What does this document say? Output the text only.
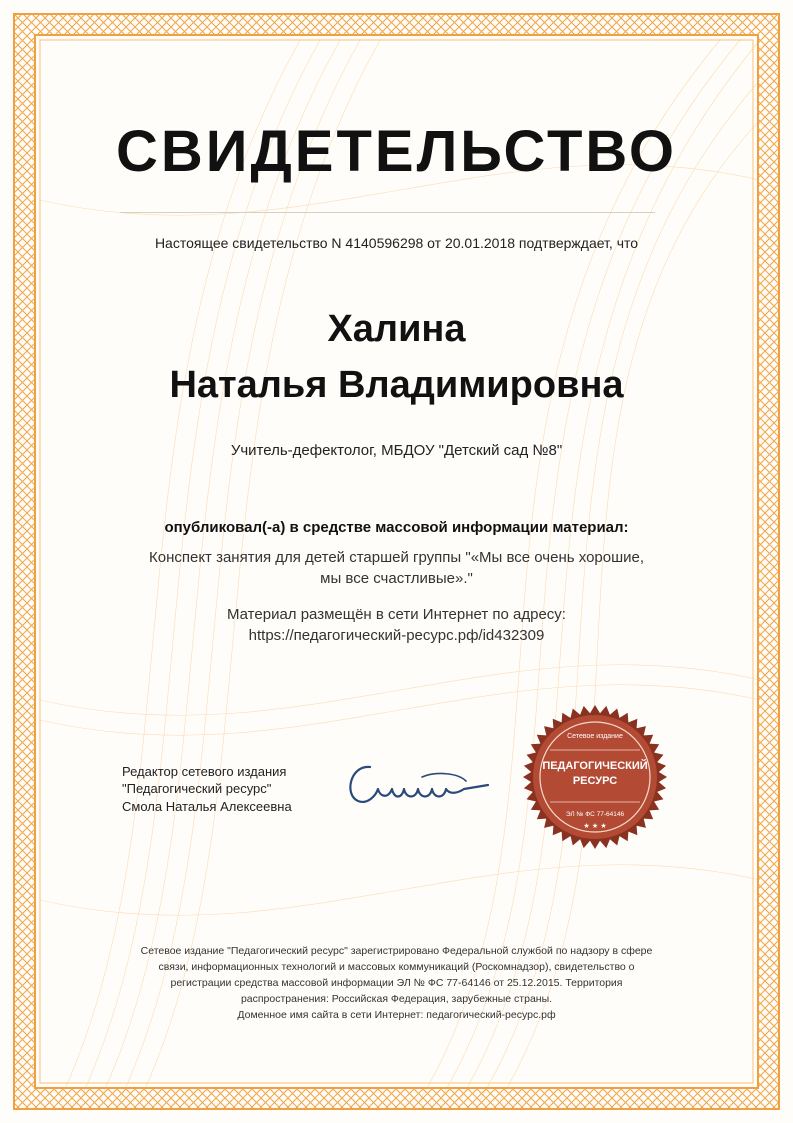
СВИДЕТЕЛЬСТВО
Настоящее свидетельство N 4140596298 от 20.01.2018 подтверждает, что
Халина
Наталья Владимировна
Учитель-дефектолог, МБДОУ "Детский сад №8"
опубликовал(-а) в средстве массовой информации материал:
Конспект занятия для детей старшей группы "«Мы все очень хорошие,
мы все счастливые»."
Материал размещён в сети Интернет по адресу:
https://педагогический-ресурс.рф/id432309
Редактор сетевого издания
"Педагогический ресурс"
Смола Наталья Алексеевна
Сетевое издание
ПЕДАГОГИЧЕСКИЙ
РЕСУРС
ЭЛ № ФС 77-64146
★ ★ ★
Сетевое издание "Педагогический ресурс" зарегистрировано Федеральной службой по надзору в сфере
связи, информационных технологий и массовых коммуникаций (Роскомнадзор), свидетельство о
регистрации средства массовой информации ЭЛ № ФС 77-64146 от 25.12.2015. Территория
распространения: Российская Федерация, зарубежные страны.
Доменное имя сайта в сети Интернет: педагогический-ресурс.рф
